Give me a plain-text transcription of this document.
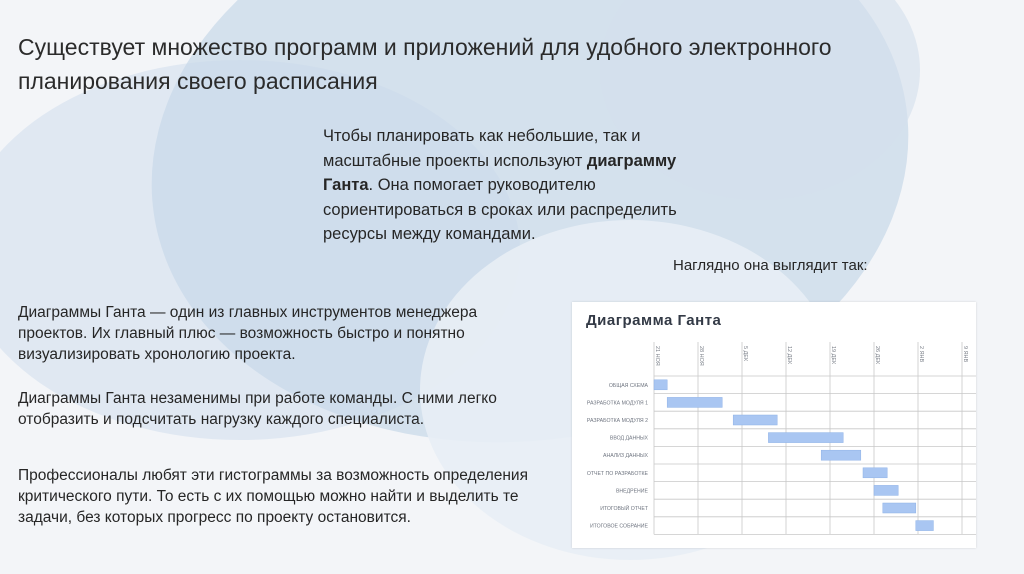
Существует множество программ и приложений для удобного электронного планирования своего расписания
Чтобы планировать как небольшие, так и масштабные проекты используют диаграмму Ганта. Она помогает руководителю сориентироваться в сроках или распределить ресурсы между командами.
Наглядно она выглядит так:
Диаграммы Ганта — один из главных инструментов менеджера проектов. Их главный плюс — возможность быстро и понятно визуализировать хронологию проекта.
Диаграммы Ганта незаменимы при работе команды. С ними легко отобразить и подсчитать нагрузку каждого специалиста.
Профессионалы любят эти гистограммы за возможность определения критического пути. То есть с их помощью можно найти и выделить те задачи, без которых прогресс по проекту остановится.
Диаграмма Ганта
21 НОЯ	28 НОЯ	5 ДЕК	12 ДЕК	19 ДЕК	26 ДЕК	2 ЯНВ	9 ЯНВ
ОБЩАЯ СХЕМА
РАЗРАБОТКА МОДУЛЯ 1
РАЗРАБОТКА МОДУЛЯ 2
ВВОД ДАННЫХ
АНАЛИЗ ДАННЫХ
ОТЧЕТ ПО РАЗРАБОТКЕ
ВНЕДРЕНИЕ
ИТОГОВЫЙ ОТЧЕТ
ИТОГОВОЕ СОБРАНИЕ
